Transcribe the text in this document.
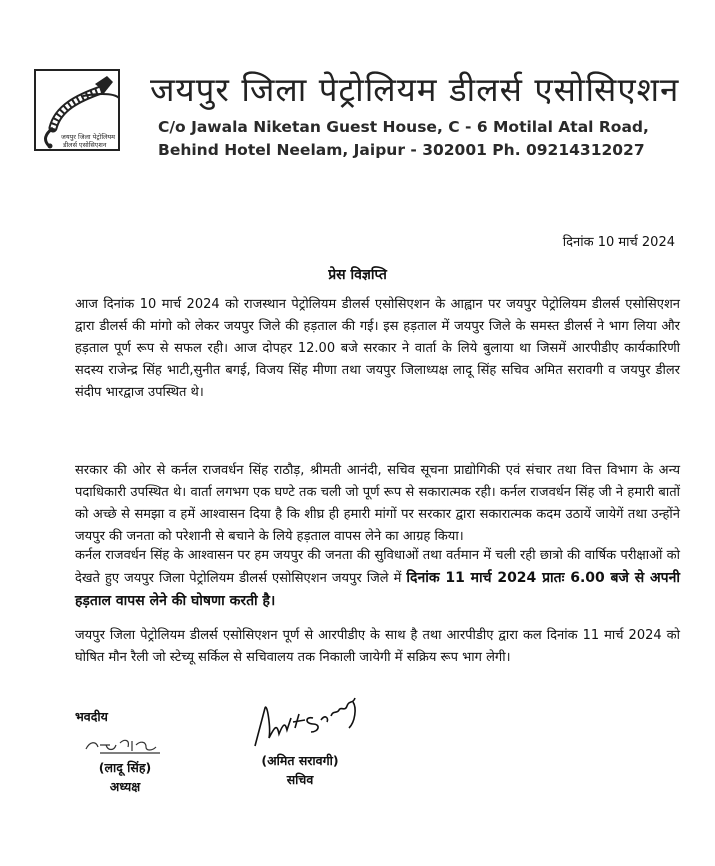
जयपुर जिला पेट्रोलियम
डीलर्स एसोसिएशन
जयपुर जिला पेट्रोलियम डीलर्स एसोसिएशन
C/o Jawala Niketan Guest House, C - 6 Motilal Atal Road,
Behind Hotel Neelam, Jaipur - 302001 Ph. 09214312027
दिनांक 10 मार्च 2024
प्रेस विज्ञप्ति
आज दिनांक 10 मार्च 2024 को राजस्थान पेट्रोलियम डीलर्स एसोसिएशन के आह्वान पर जयपुर पेट्रोलियम डीलर्स एसोसिएशन द्वारा डीलर्स की मांगो को लेकर जयपुर जिले की हड़ताल की गई। इस हड़ताल में जयपुर जिले के समस्त डीलर्स ने भाग लिया और हड़ताल पूर्ण रूप से सफल रही। आज दोपहर 12.00 बजे सरकार ने वार्ता के लिये बुलाया था जिसमें आरपीडीए कार्यकारिणी सदस्य राजेन्द्र सिंह भाटी,सुनीत बगई, विजय सिंह मीणा तथा जयपुर जिलाध्यक्ष लादू सिंह सचिव अमित सरावगी व जयपुर डीलर संदीप भारद्वाज उपस्थित थे।
सरकार की ओर से कर्नल राजवर्धन सिंह राठौड़, श्रीमती आनंदी, सचिव सूचना प्राद्योगिकी एवं संचार तथा वित्त विभाग के अन्य पदाधिकारी उपस्थित थे। वार्ता लगभग एक घण्टे तक चली जो पूर्ण रूप से सकारात्मक रही। कर्नल राजवर्धन सिंह जी ने हमारी बातों को अच्छे से समझा व हमें आश्वासन दिया है कि शीघ्र ही हमारी मांगों पर सरकार द्वारा सकारात्मक कदम उठायें जायेगें तथा उन्होंने जयपुर की जनता को परेशानी से बचाने के लिये हड़ताल वापस लेने का आग्रह किया।
कर्नल राजवर्धन सिंह के आश्वासन पर हम जयपुर की जनता की सुविधाओं तथा वर्तमान में चली रही छात्रो की वार्षिक परीक्षाओं को देखते हुए जयपुर जिला पेट्रोलियम डीलर्स एसोसिएशन जयपुर जिले में दिनांक 11 मार्च 2024 प्रातः 6.00 बजे से अपनी हड़ताल वापस लेने की घोषणा करती है।
जयपुर जिला पेट्रोलियम डीलर्स एसोसिएशन पूर्ण से आरपीडीए के साथ है तथा आरपीडीए द्वारा कल दिनांक 11 मार्च 2024 को घोषित मौन रैली जो स्टेच्यू सर्किल से सचिवालय तक निकाली जायेगी में सक्रिय रूप भाग लेगी।
भवदीय
(लादू सिंह)
अध्यक्ष
(अमित सरावगी)
सचिव
